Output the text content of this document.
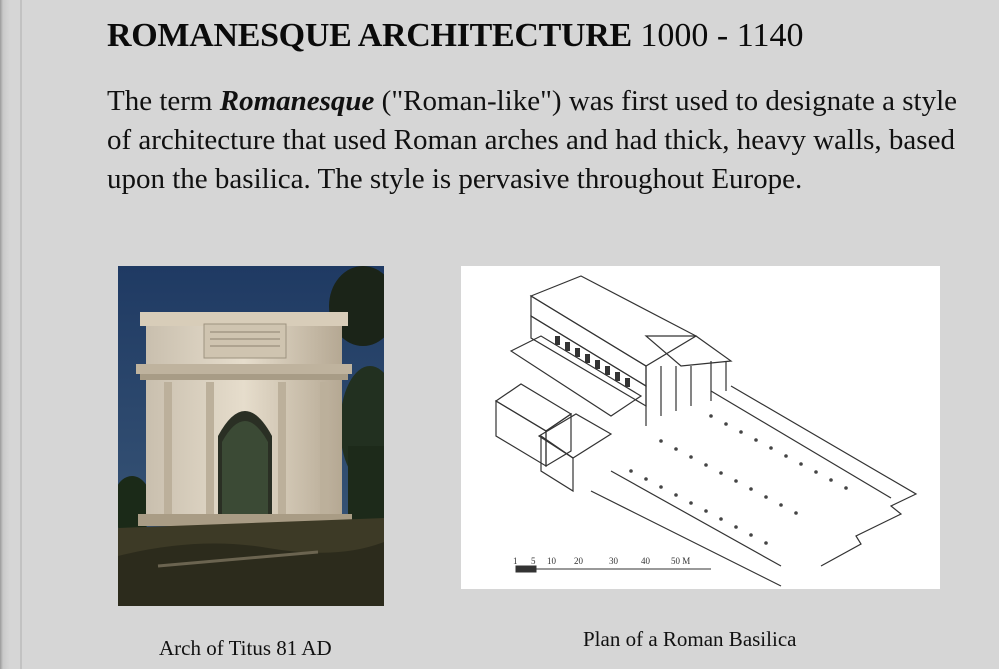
ROMANESQUE ARCHITECTURE 1000 - 1140
The term Romanesque ("Roman-like") was first used to designate a style of architecture that used Roman arches and had thick, heavy walls, based upon the basilica. The style is pervasive throughout Europe.
1 5 10 20	30	40 50 M
Arch of Titus 81 AD	Plan of a Roman Basilica
